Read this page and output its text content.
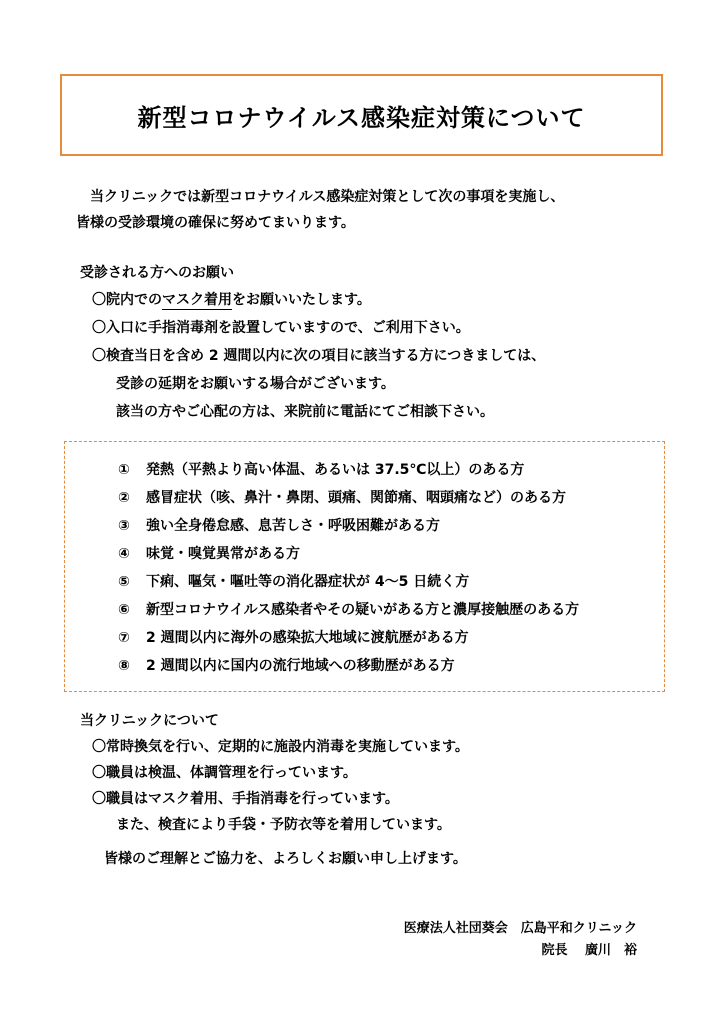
新型コロナウイルス感染症対策について

当クリニックでは新型コロナウイルス感染症対策として次の事項を実施し、

皆様の受診環境の確保に努めてまいります。

受診される方へのお願い
〇院内でのマスク着用をお願いいたします。
〇入口に手指消毒剤を設置していますので、ご利用下さい。
〇検査当日を含め 2 週間以内に次の項目に該当する方につきましては、
受診の延期をお願いする場合がございます。
該当の方やご心配の方は、来院前に電話にてご相談下さい。
① 発熱（平熱より高い体温、あるいは 37.5℃以上）のある方
② 感冒症状（咳、鼻汁・鼻閉、頭痛、関節痛、咽頭痛など）のある方
③ 強い全身倦怠感、息苦しさ・呼吸困難がある方
④ 味覚・嗅覚異常がある方
⑤ 下痢、嘔気・嘔吐等の消化器症状が 4～5 日続く方
⑥ 新型コロナウイルス感染者やその疑いがある方と濃厚接触歴のある方
⑦ 2 週間以内に海外の感染拡大地域に渡航歴がある方
⑧ 2 週間以内に国内の流行地域への移動歴がある方
当クリニックについて
〇常時換気を行い、定期的に施設内消毒を実施しています。
〇職員は検温、体調管理を行っています。
〇職員はマスク着用、手指消毒を行っています。
また、検査により手袋・予防衣等を着用しています。

皆様のご理解とご協力を、よろしくお願い申し上げます。

医療法人社団葵会　広島平和クリニック
院長　 廣川　裕
